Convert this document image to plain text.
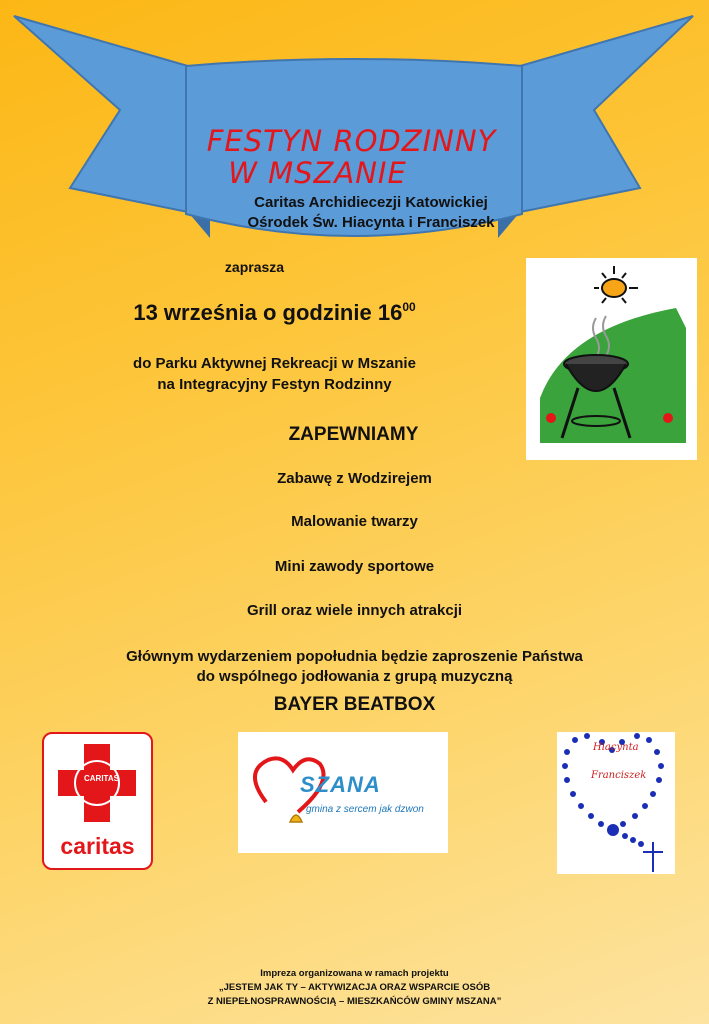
FESTYN RODZINNY
W MSZANIE
Caritas Archidiecezji Katowickiej
Ośrodek Św. Hiacynta i Franciszek
zaprasza
13 września o godzinie $16^{00}$
do Parku Aktywnej Rekreacji w Mszanie
na Integracyjny Festyn Rodzinny
ZAPEWNIAMY
Zabawę z Wodzirejem
Malowanie twarzy
Mini zawody sportowe
Grill oraz wiele innych atrakcji
Głównym wydarzeniem popołudnia będzie zaproszenie Państwa
do wspólnego jodłowania z grupą muzyczną
BAYER BEATBOX
CARITAS
caritas
SZANA
gmina z sercem jak dzwon
Hiacynta
Franciszek
Impreza organizowana w ramach projektu
„JESTEM JAK TY – AKTYWIZACJA ORAZ WSPARCIE OSÓB
Z NIEPEŁNOSPRAWNOŚCIĄ – MIESZKAŃCÓW GMINY MSZANA”
